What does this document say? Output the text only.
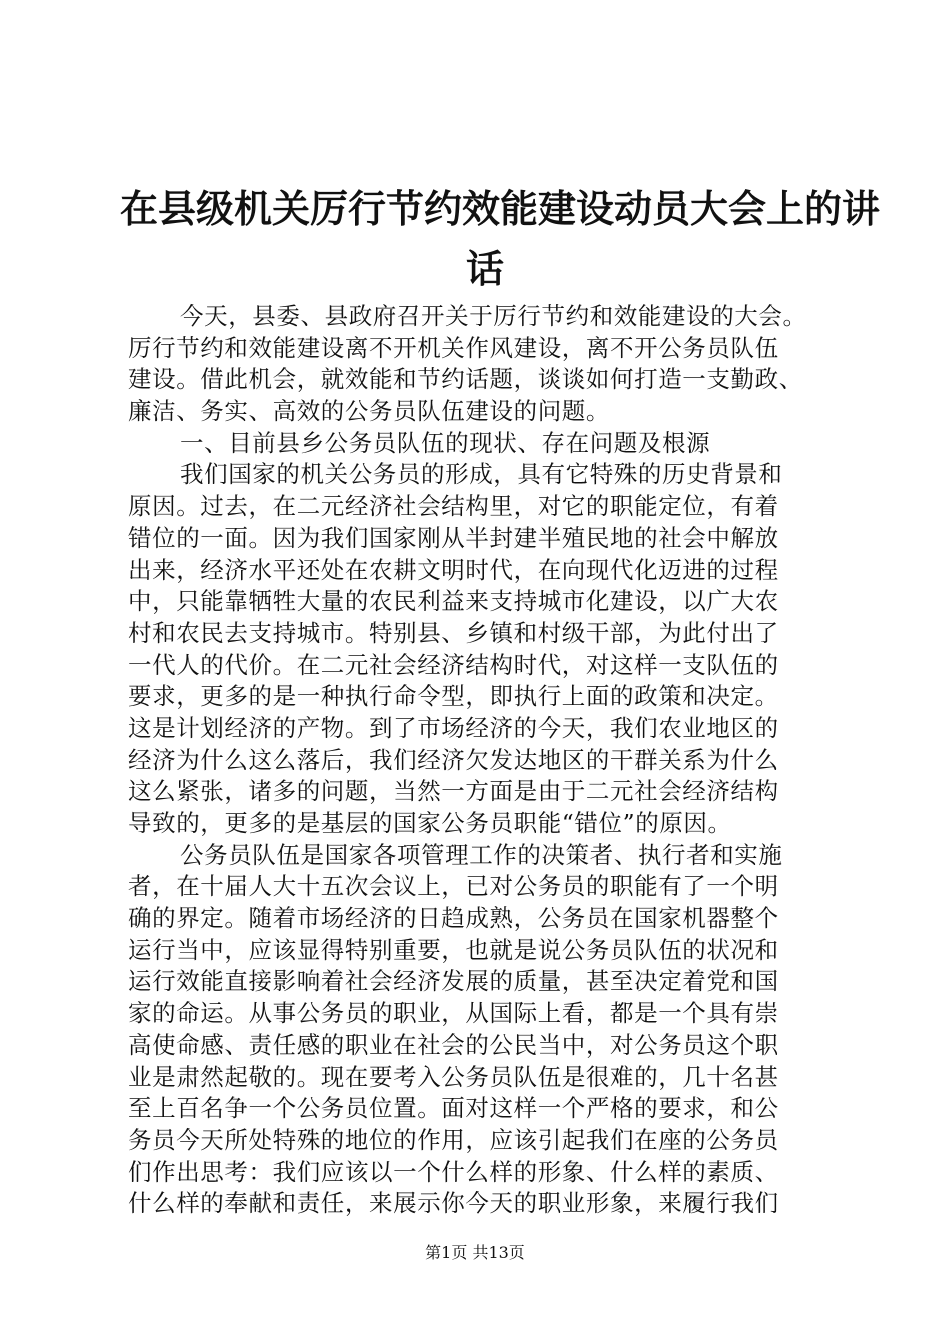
在县级机关厉行节约效能建设动员大会上的讲
话
今天，县委、县政府召开关于厉行节约和效能建设的大会。
厉行节约和效能建设离不开机关作风建设，离不开公务员队伍
建设。借此机会，就效能和节约话题，谈谈如何打造一支勤政、
廉洁、务实、高效的公务员队伍建设的问题。
一、目前县乡公务员队伍的现状、存在问题及根源
我们国家的机关公务员的形成，具有它特殊的历史背景和
原因。过去，在二元经济社会结构里，对它的职能定位，有着
错位的一面。因为我们国家刚从半封建半殖民地的社会中解放
出来，经济水平还处在农耕文明时代，在向现代化迈进的过程
中，只能靠牺牲大量的农民利益来支持城市化建设，以广大农
村和农民去支持城市。特别县、乡镇和村级干部，为此付出了
一代人的代价。在二元社会经济结构时代，对这样一支队伍的
要求，更多的是一种执行命令型，即执行上面的政策和决定。
这是计划经济的产物。到了市场经济的今天，我们农业地区的
经济为什么这么落后，我们经济欠发达地区的干群关系为什么
这么紧张，诸多的问题，当然一方面是由于二元社会经济结构
导致的，更多的是基层的国家公务员职能“错位”的原因。
公务员队伍是国家各项管理工作的决策者、执行者和实施
者，在十届人大十五次会议上，已对公务员的职能有了一个明
确的界定。随着市场经济的日趋成熟，公务员在国家机器整个
运行当中，应该显得特别重要，也就是说公务员队伍的状况和
运行效能直接影响着社会经济发展的质量，甚至决定着党和国
家的命运。从事公务员的职业，从国际上看，都是一个具有崇
高使命感、责任感的职业在社会的公民当中，对公务员这个职
业是肃然起敬的。现在要考入公务员队伍是很难的，几十名甚
至上百名争一个公务员位置。面对这样一个严格的要求，和公
务员今天所处特殊的地位的作用，应该引起我们在座的公务员
们作出思考：我们应该以一个什么样的形象、什么样的素质、
什么样的奉献和责任，来展示你今天的职业形象，来履行我们
第1页 共13页
